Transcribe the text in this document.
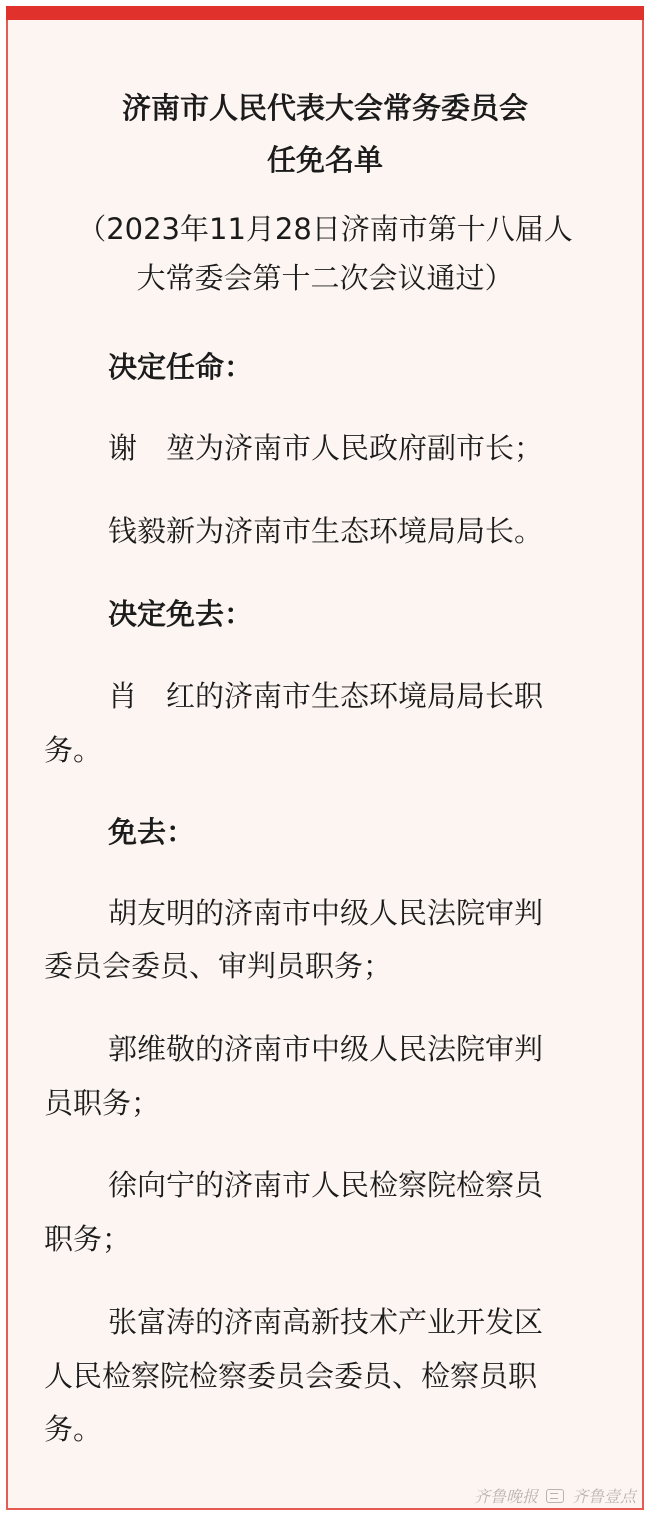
济南市人民代表大会常务委员会
任免名单
（2023年11月28日济南市第十八届人
大常委会第十二次会议通过）
决定任命：
谢　堃为济南市人民政府副市长；
钱毅新为济南市生态环境局局长。
决定免去：
肖　红的济南市生态环境局局长职
务。
免去：
胡友明的济南市中级人民法院审判
委员会委员、审判员职务；
郭维敬的济南市中级人民法院审判
员职务；
徐向宁的济南市人民检察院检察员
职务；
张富涛的济南高新技术产业开发区
人民检察院检察委员会委员、检察员职
务。
齐鲁晚报 齐鲁壹点
